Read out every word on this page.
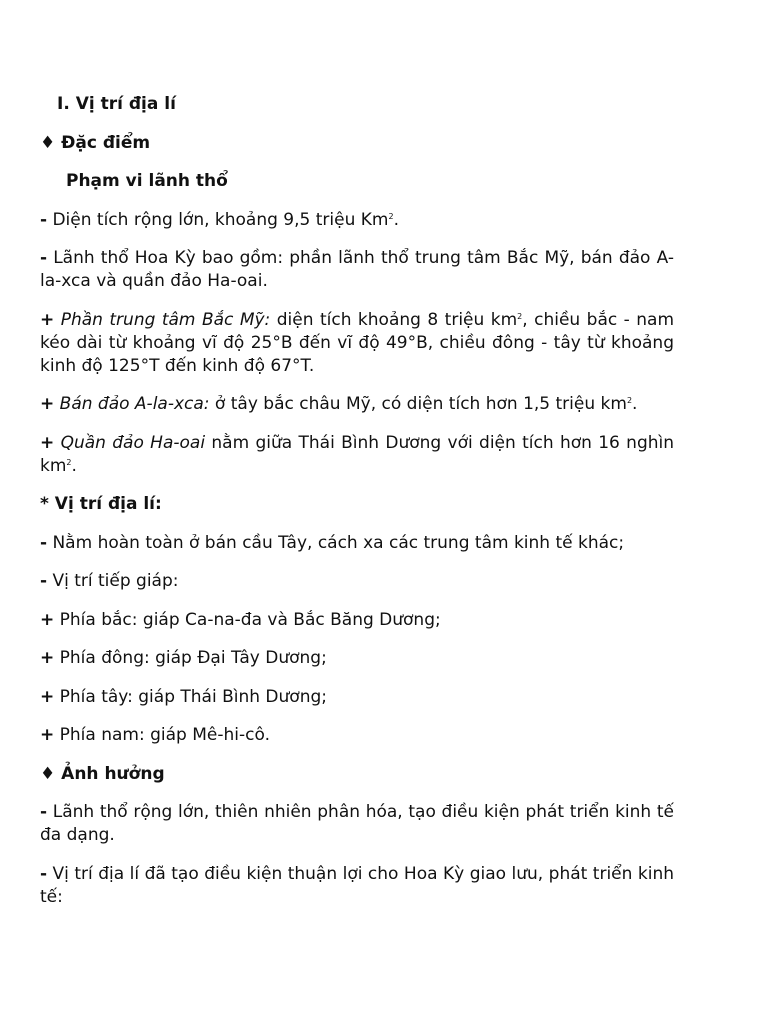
I. Vị trí địa lí

♦ Đặc điểm

Phạm vi lãnh thổ

- Diện tích rộng lớn, khoảng 9,5 triệu Km$^2$.

- Lãnh thổ Hoa Kỳ bao gồm: phần lãnh thổ trung tâm Bắc Mỹ, bán đảo A-la-xca và quần đảo Ha-oai.

+ Phần trung tâm Bắc Mỹ: diện tích khoảng 8 triệu $km^2$, chiều bắc - nam kéo dài từ khoảng vĩ độ 25°B đến vĩ độ 49°B, chiều đông - tây từ khoảng kinh độ 125°T đến kinh độ 67°T.

+ Bán đảo A-la-xca: ở tây bắc châu Mỹ, có diện tích hơn 1,5 triệu $km^2$.

+ Quần đảo Ha-oai nằm giữa Thái Bình Dương với diện tích hơn 16 nghìn $km^2$.

* Vị trí địa lí:

- Nằm hoàn toàn ở bán cầu Tây, cách xa các trung tâm kinh tế khác;

- Vị trí tiếp giáp:

+ Phía bắc: giáp Ca-na-đa và Bắc Băng Dương;

+ Phía đông: giáp Đại Tây Dương;

+ Phía tây: giáp Thái Bình Dương;

+ Phía nam: giáp Mê-hi-cô.

♦ Ảnh hưởng

- Lãnh thổ rộng lớn, thiên nhiên phân hóa, tạo điều kiện phát triển kinh tế đa dạng.

- Vị trí địa lí đã tạo điều kiện thuận lợi cho Hoa Kỳ giao lưu, phát triển kinh tế:
